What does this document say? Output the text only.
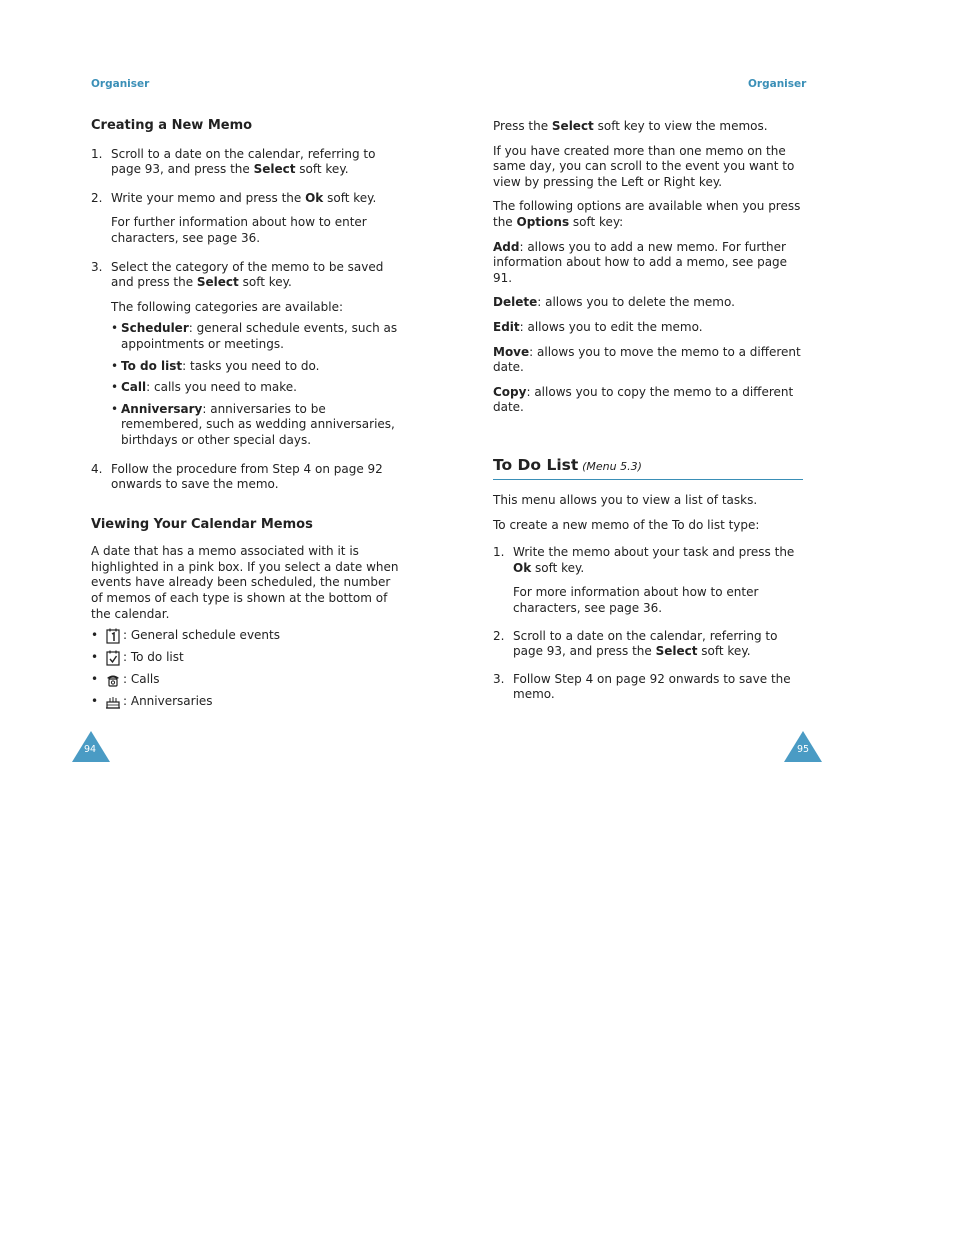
Organiser
Creating a New Memo
1. Scroll to a date on the calendar, referring to page 93, and press the Select soft key.
2. Write your memo and press the Ok soft key.
For further information about how to enter characters, see page 36.
3. Select the category of the memo to be saved and press the Select soft key.
The following categories are available:
• Scheduler: general schedule events, such as appointments or meetings.
• To do list: tasks you need to do.
• Call: calls you need to make.
• Anniversary: anniversaries to be remembered, such as wedding anniversaries, birthdays or other special days.
4. Follow the procedure from Step 4 on page 92 onwards to save the memo.
Viewing Your Calendar Memos

A date that has a memo associated with it is highlighted in a pink box. If you select a date when events have already been scheduled, the number of memos of each type is shown at the bottom of the calendar.

• : General schedule events
• : To do list
• : Calls
• : Anniversaries
94
Organiser

Press the Select soft key to view the memos.

If you have created more than one memo on the same day, you can scroll to the event you want to view by pressing the Left or Right key.

The following options are available when you press the Options soft key:

Add: allows you to add a new memo. For further information about how to add a memo, see page 91.

Delete: allows you to delete the memo.

Edit: allows you to edit the memo.

Move: allows you to move the memo to a different date.

Copy: allows you to copy the memo to a different date.

To Do List (Menu 5.3)

This menu allows you to view a list of tasks.

To create a new memo of the To do list type:

1. Write the memo about your task and press the Ok soft key.
For more information about how to enter characters, see page 36.
2. Scroll to a date on the calendar, referring to page 93, and press the Select soft key.
3. Follow Step 4 on page 92 onwards to save the memo.
95
